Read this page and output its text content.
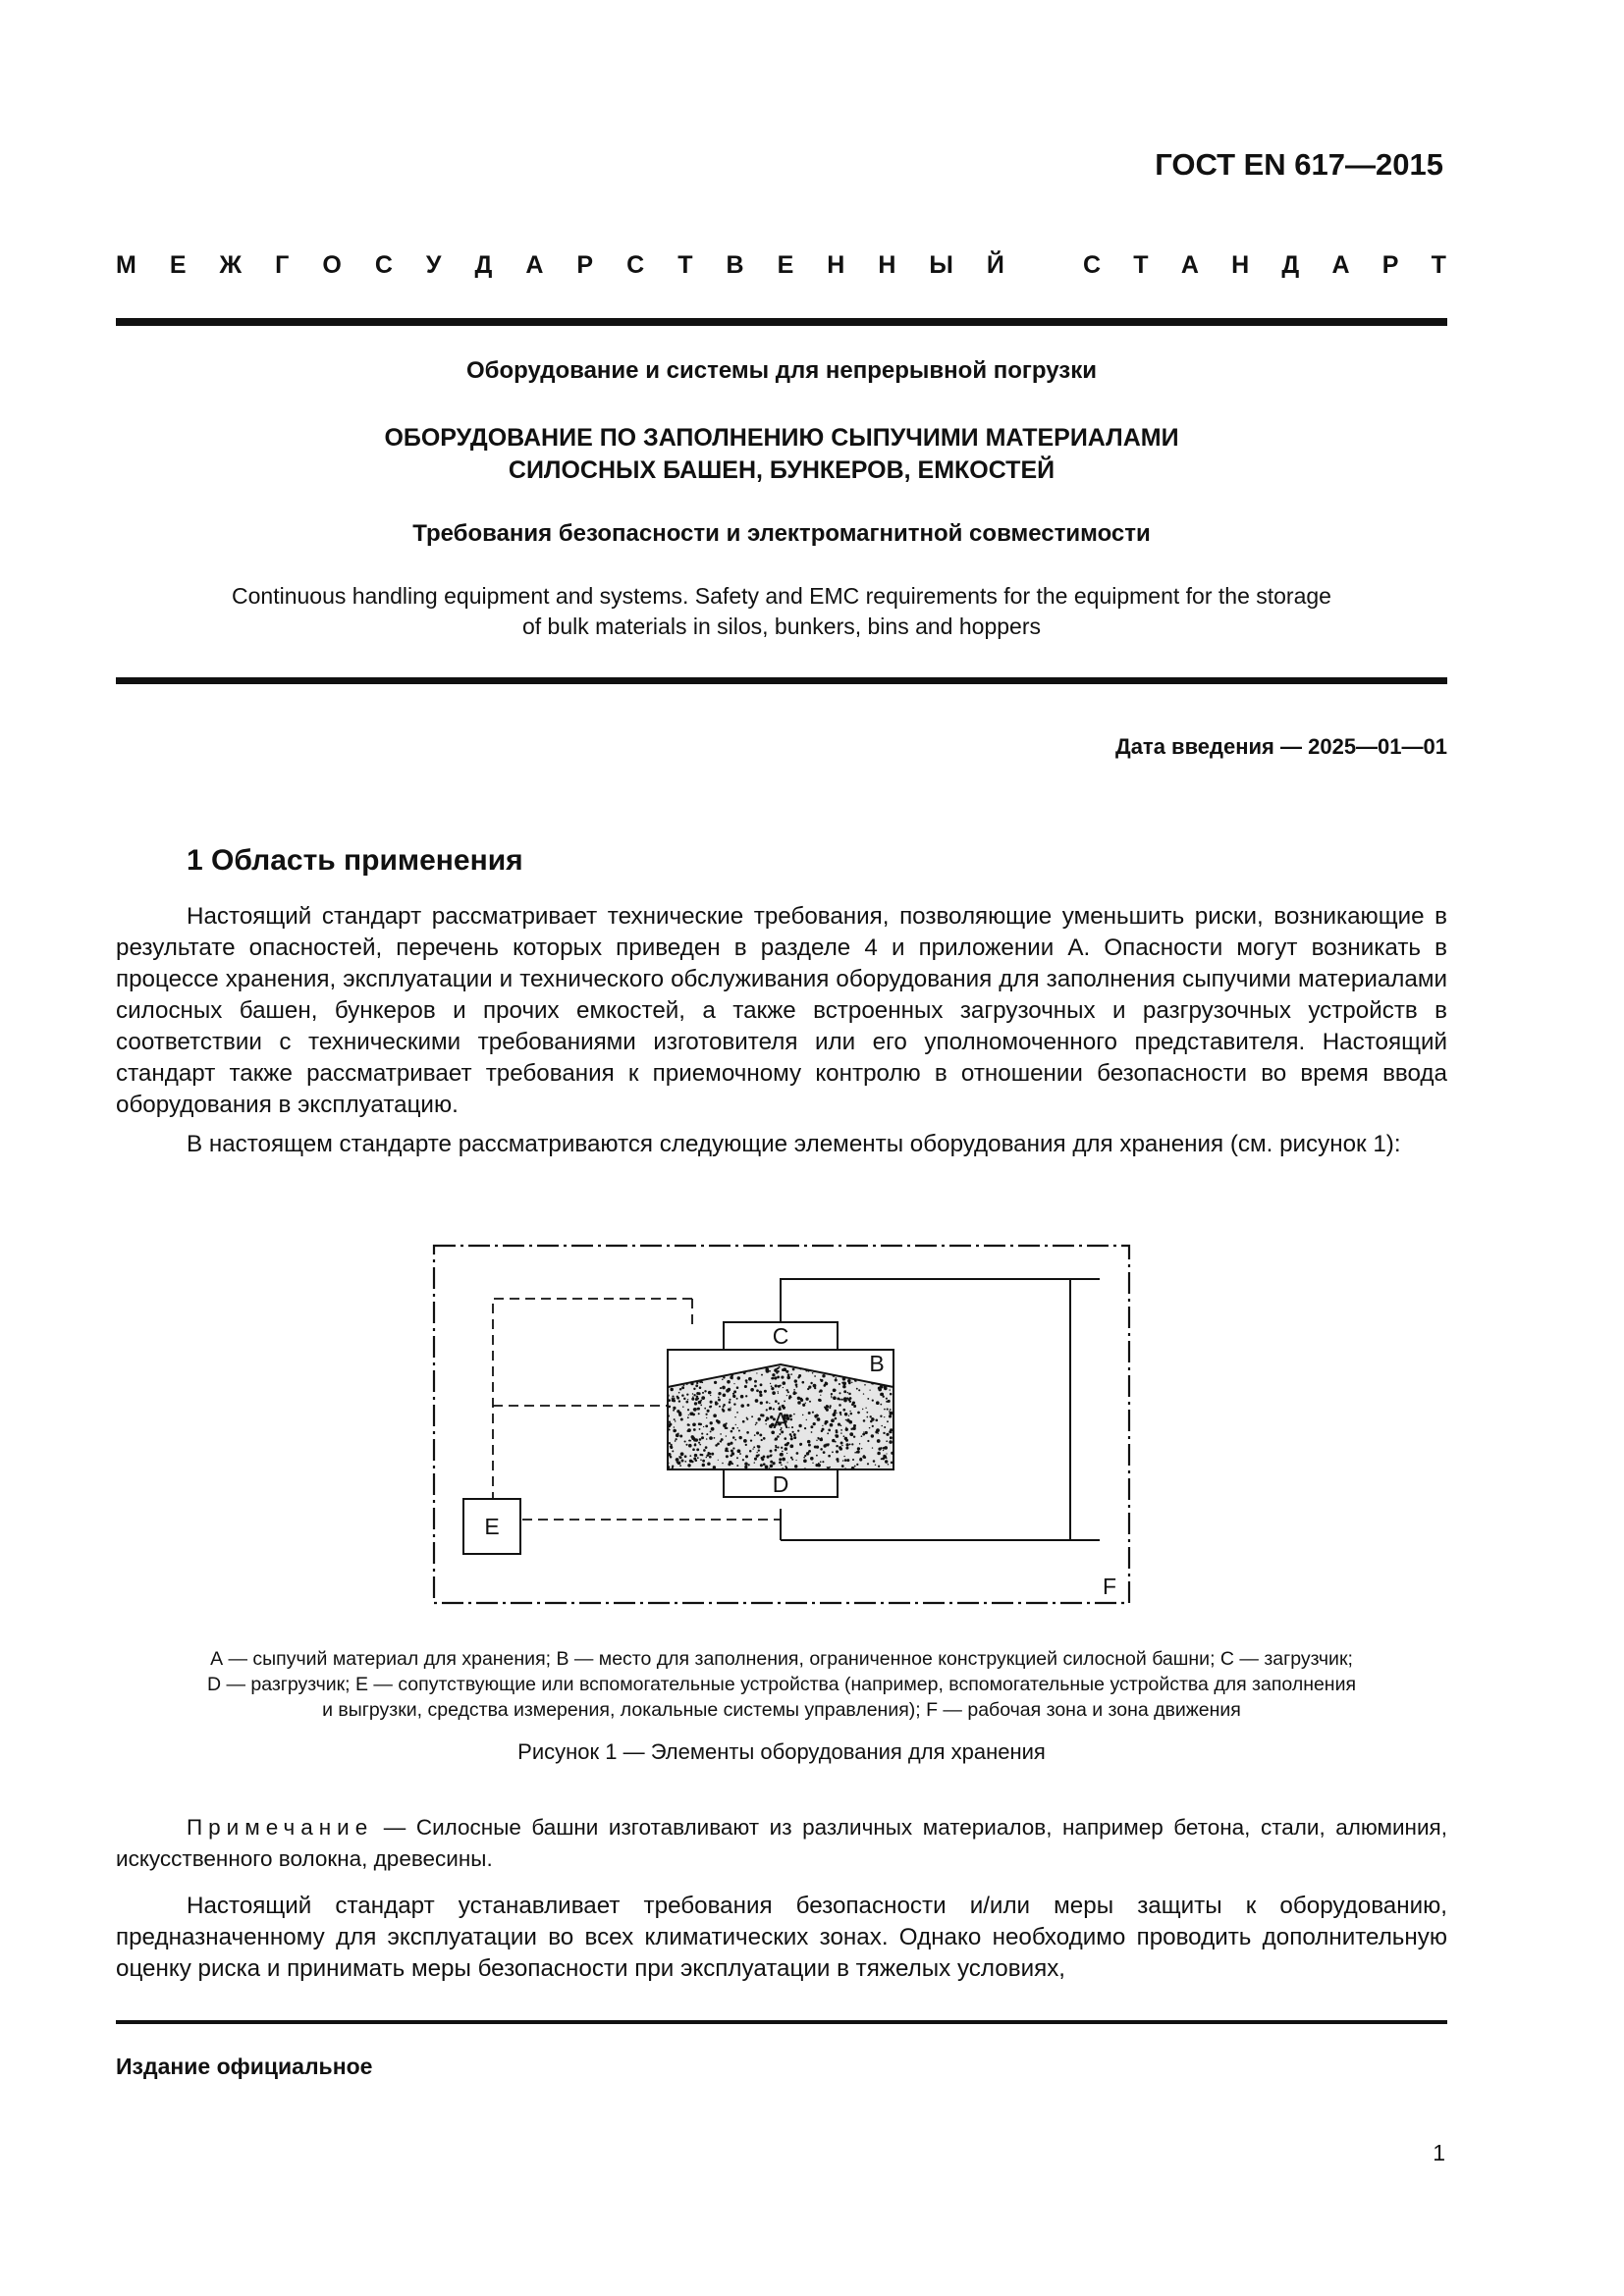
ГОСТ EN 617—2015
М Е Ж Г О С У Д А Р С Т В Е Н Н Ы Й	С Т А Н Д А Р Т
Оборудование и системы для непрерывной погрузки
ОБОРУДОВАНИЕ ПО ЗАПОЛНЕНИЮ СЫПУЧИМИ МАТЕРИАЛАМИ
СИЛОСНЫХ БАШЕН, БУНКЕРОВ, ЕМКОСТЕЙ
Требования безопасности и электромагнитной совместимости
Continuous handling equipment and systems. Safety and EMC requirements for the equipment for the storage
of bulk materials in silos, bunkers, bins and hoppers
Дата введения — 2025—01—01
1 Область применения

Настоящий стандарт рассматривает технические требования, позволяющие уменьшить риски, возникающие в результате опасностей, перечень которых приведен в разделе 4 и приложении А. Опасности могут возникать в процессе хранения, эксплуатации и технического обслуживания оборудования для заполнения сыпучими материалами силосных башен, бункеров и прочих емкостей, а также встроенных загрузочных и разгрузочных устройств в соответствии с техническими требованиями изготовителя или его уполномоченного представителя. Настоящий стандарт также рассматривает требования к приемочному контролю в отношении безопасности во время ввода оборудования в эксплуатацию.

В настоящем стандарте рассматриваются следующие элементы оборудования для хранения (см. рисунок 1):

C
B
A
D
E
F
А — сыпучий материал для хранения; В — место для заполнения, ограниченное конструкцией силосной башни; С — загрузчик;
D — разгрузчик; E — сопутствующие или вспомогательные устройства (например, вспомогательные устройства для заполнения
и выгрузки, средства измерения, локальные системы управления); F — рабочая зона и зона движения
Рисунок 1 — Элементы оборудования для хранения

Примечание — Силосные башни изготавливают из различных материалов, например бетона, стали, алюминия, искусственного волокна, древесины.

Настоящий стандарт устанавливает требования безопасности и/или меры защиты к оборудованию, предназначенному для эксплуатации во всех климатических зонах. Однако необходимо проводить дополнительную оценку риска и принимать меры безопасности при эксплуатации в тяжелых условиях,

Издание официальное
1
